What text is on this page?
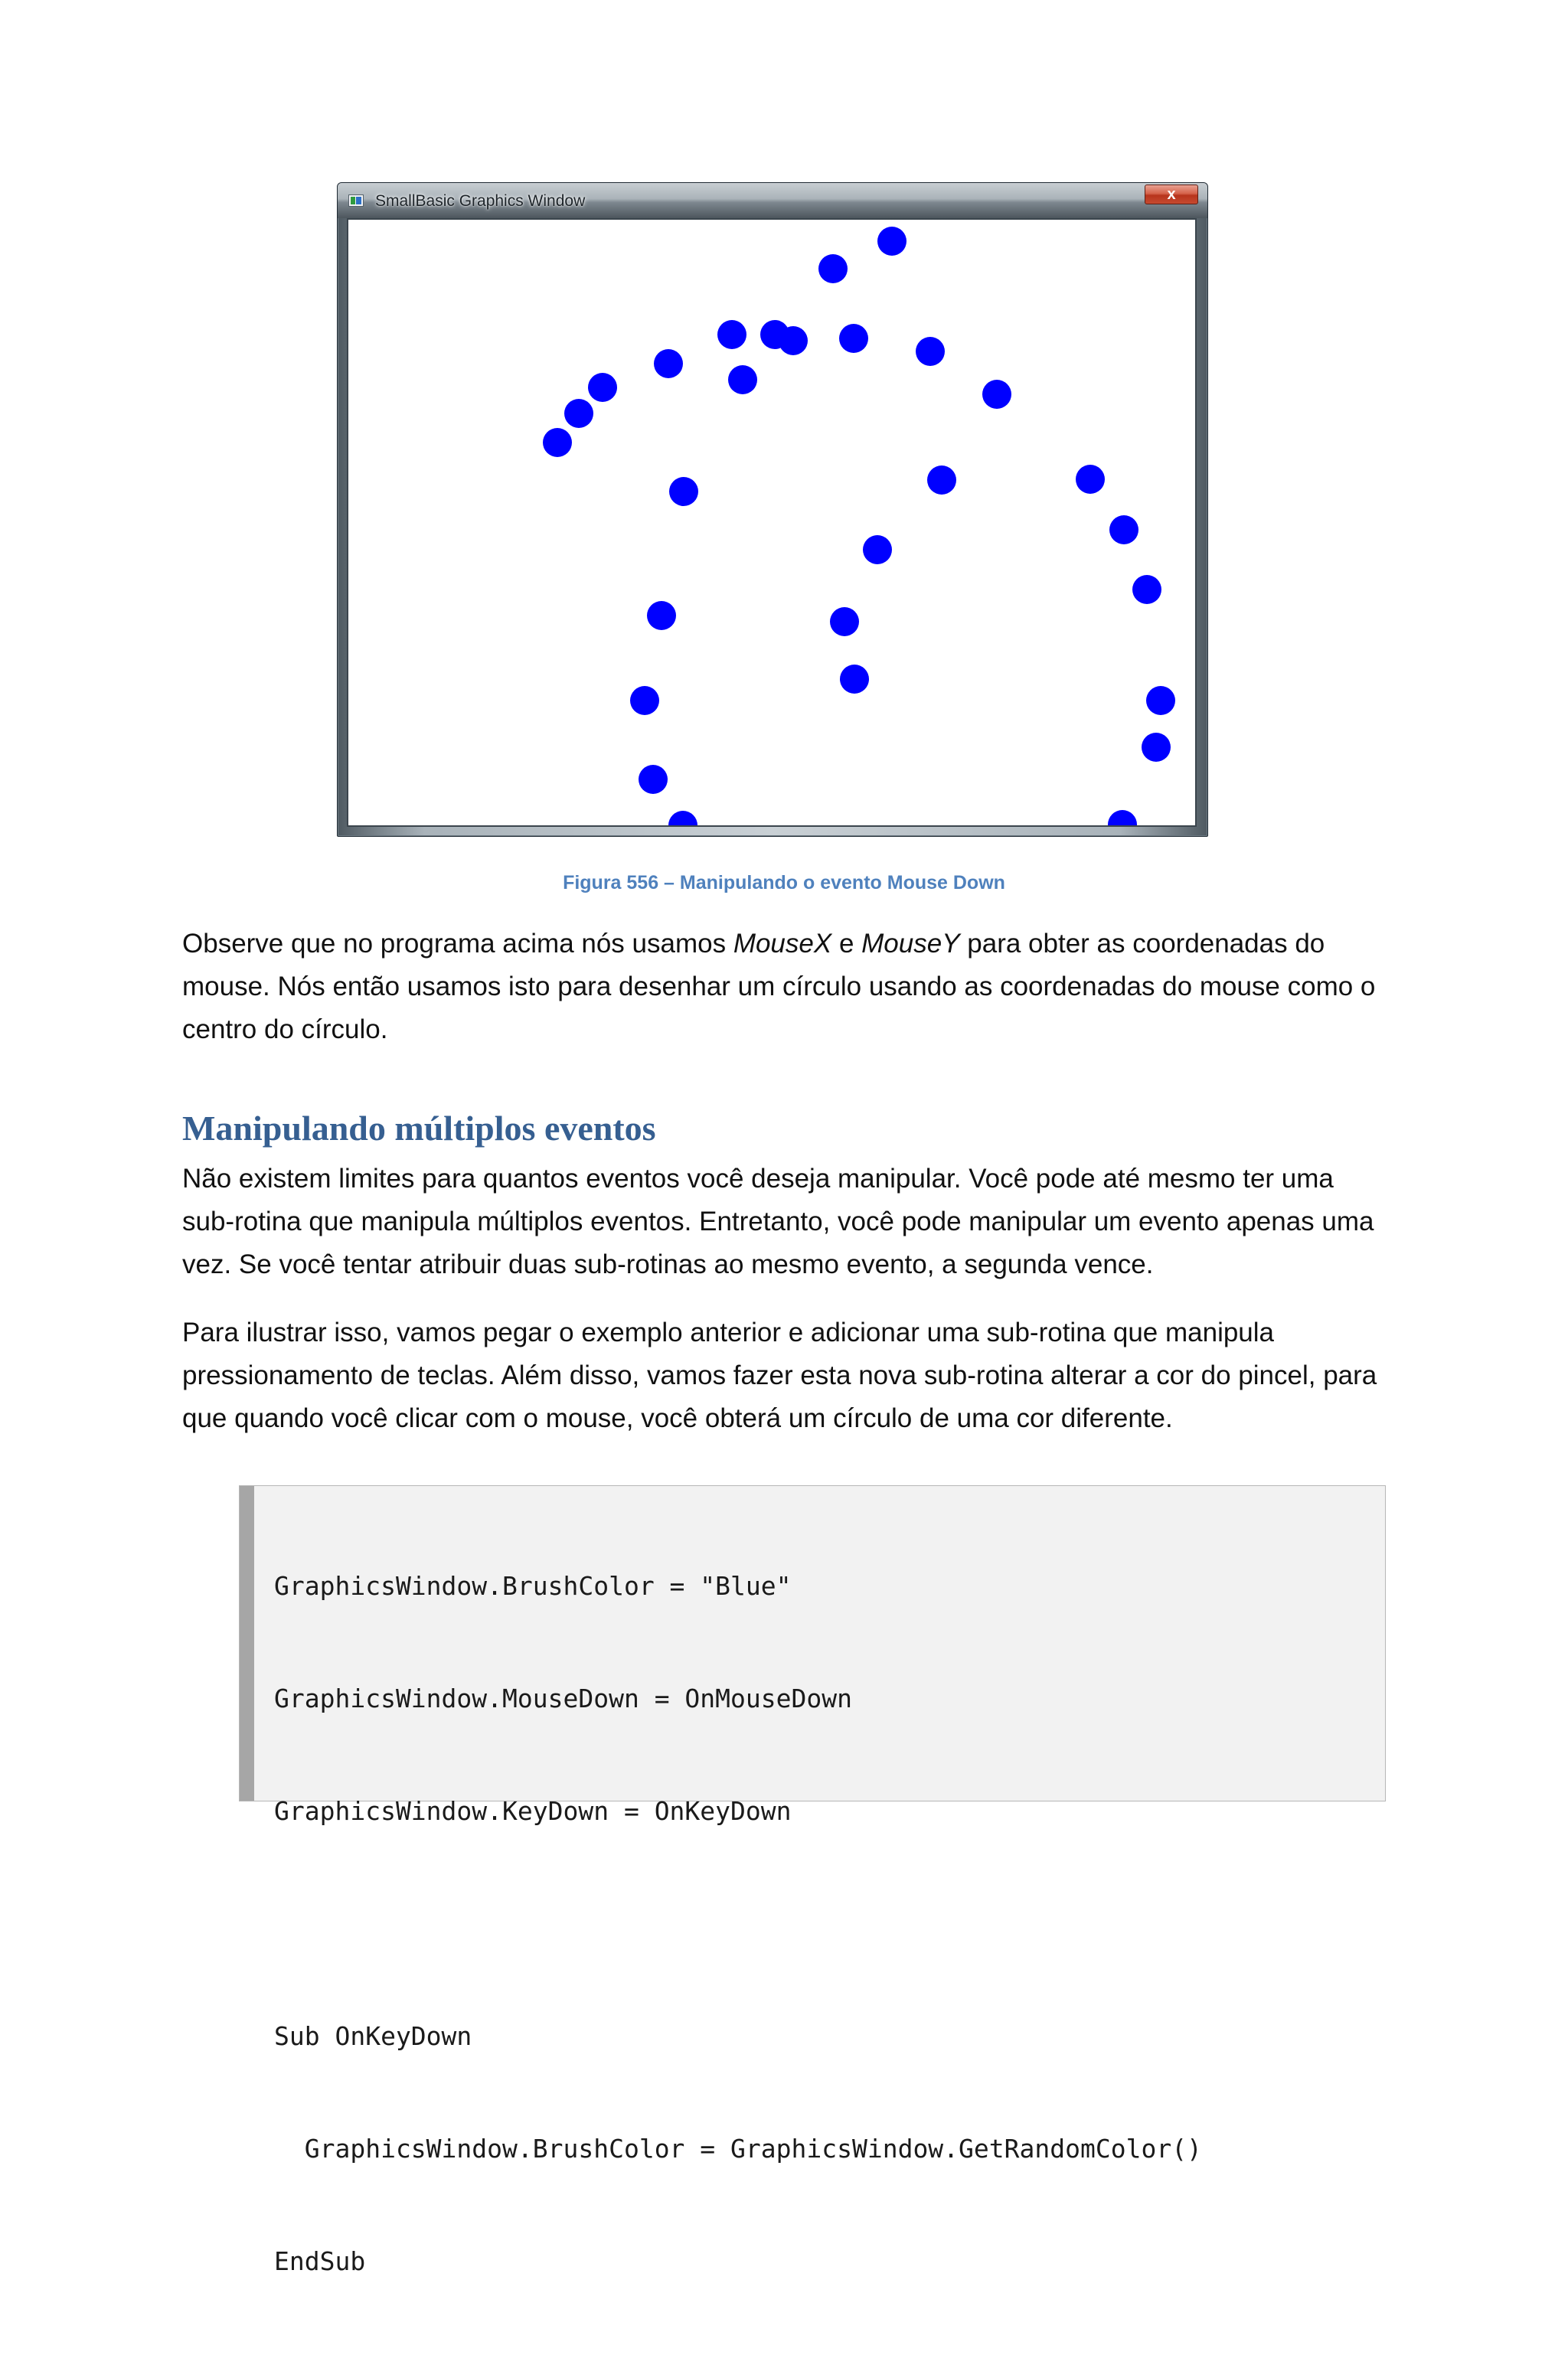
SmallBasic Graphics Window	x
Figura 556 – Manipulando o evento Mouse Down

Observe que no programa acima nós usamos MouseX e MouseY para obter as coordenadas do mouse. Nós então usamos isto para desenhar um círculo usando as coordenadas do mouse como o centro do círculo.

Manipulando múltiplos eventos

Não existem limites para quantos eventos você deseja manipular. Você pode até mesmo ter uma sub-rotina que manipula múltiplos eventos. Entretanto, você pode manipular um evento apenas uma vez. Se você tentar atribuir duas sub-rotinas ao mesmo evento, a segunda vence.

Para ilustrar isso, vamos pegar o exemplo anterior e adicionar uma sub-rotina que manipula pressionamento de teclas. Além disso, vamos fazer esta nova sub-rotina alterar a cor do pincel, para que quando você clicar com o mouse, você obterá um círculo de uma cor diferente.

GraphicsWindow.BrushColor = "Blue"

GraphicsWindow.MouseDown = OnMouseDown

GraphicsWindow.KeyDown = OnKeyDown

Sub OnKeyDown

GraphicsWindow.BrushColor = GraphicsWindow.GetRandomColor()

EndSub
